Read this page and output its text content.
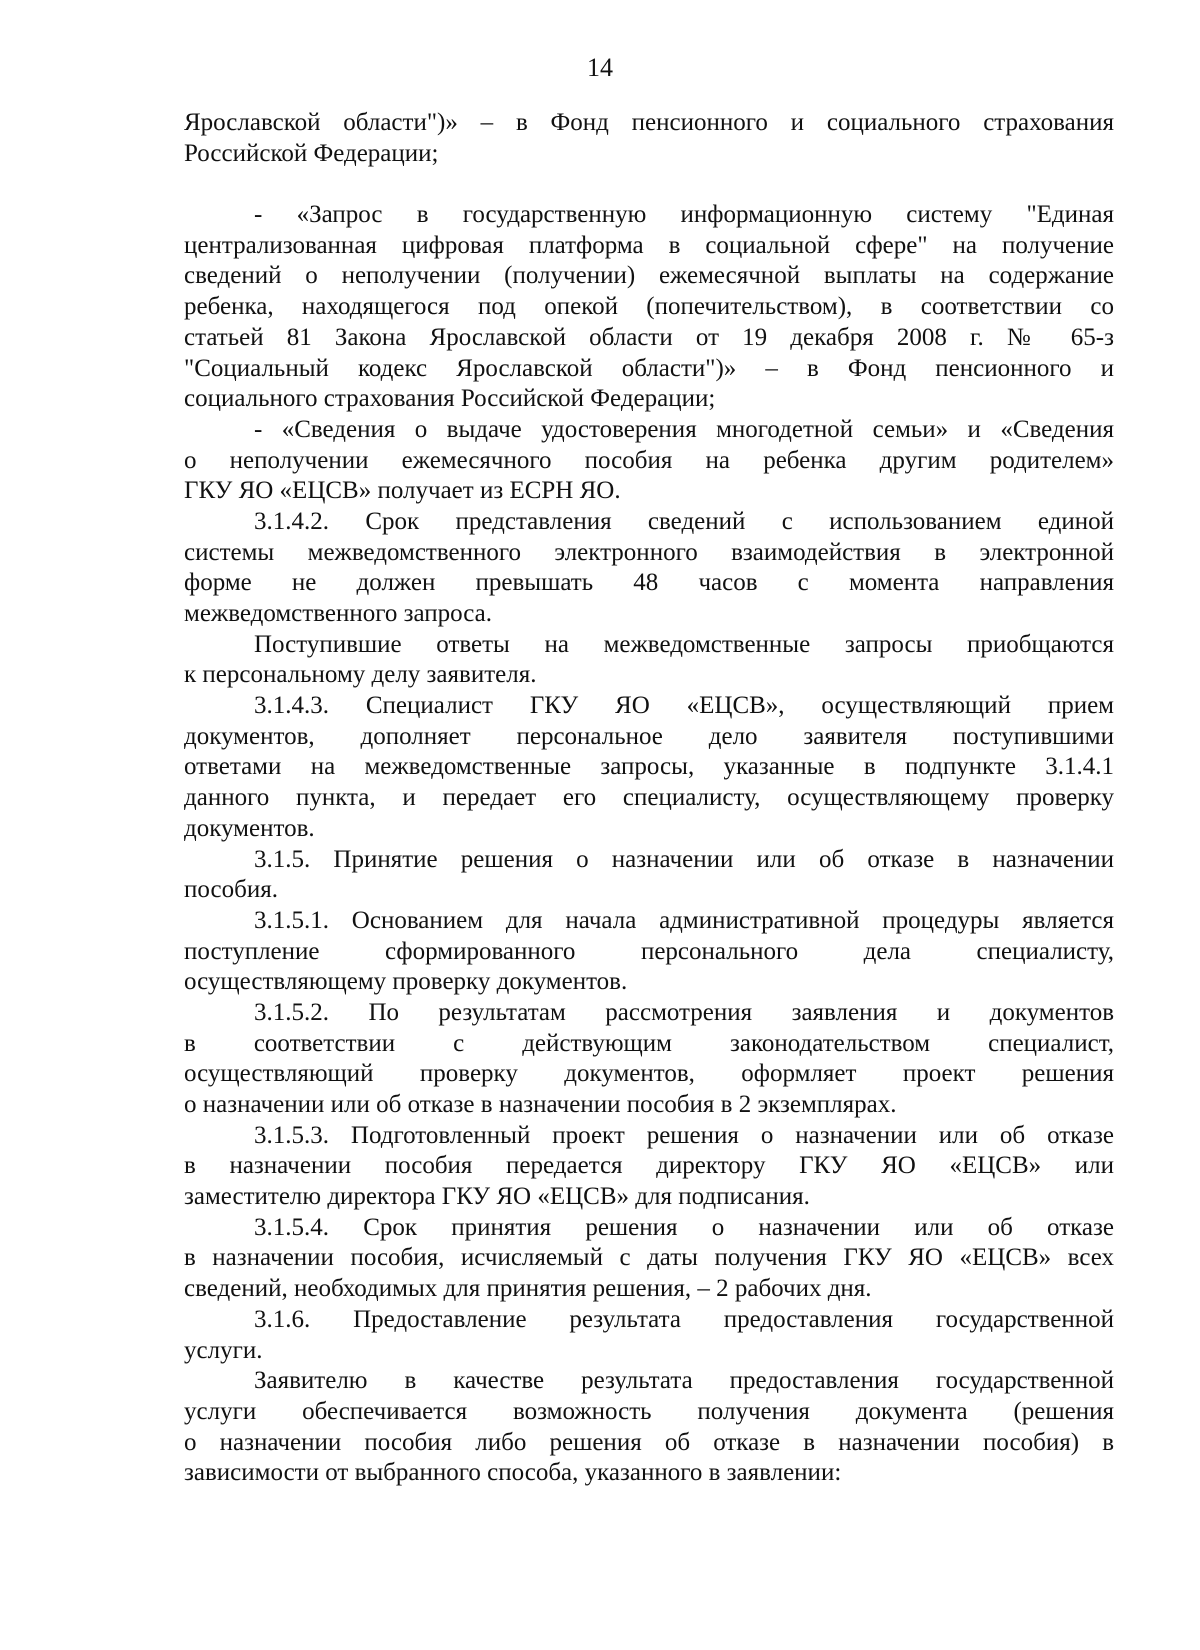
14
Ярославской области")» – в Фонд пенсионного и социального страхования
Российской Федерации;
- «Запрос в государственную информационную систему "Единая
централизованная цифровая платформа в социальной сфере" на получение
сведений о неполучении (получении) ежемесячной выплаты на содержание
ребенка, находящегося под опекой (попечительством), в соответствии со
статьей 81 Закона Ярославской области от 19 декабря 2008 г. № 65-з
"Социальный кодекс Ярославской области")» – в Фонд пенсионного и
социального страхования Российской Федерации;
- «Сведения о выдаче удостоверения многодетной семьи» и «Сведения
о неполучении ежемесячного пособия на ребенка другим родителем»
ГКУ ЯО «ЕЦСВ» получает из ЕСРН ЯО.
3.1.4.2. Срок представления сведений с использованием единой
системы межведомственного электронного взаимодействия в электронной
форме не должен превышать 48 часов с момента направления
межведомственного запроса.
Поступившие ответы на межведомственные запросы приобщаются
к персональному делу заявителя.
3.1.4.3. Специалист ГКУ ЯО «ЕЦСВ», осуществляющий прием
документов, дополняет персональное дело заявителя поступившими
ответами на межведомственные запросы, указанные в подпункте 3.1.4.1
данного пункта, и передает его специалисту, осуществляющему проверку
документов.
3.1.5. Принятие решения о назначении или об отказе в назначении
пособия.
3.1.5.1. Основанием для начала административной процедуры является
поступление сформированного персонального дела специалисту,
осуществляющему проверку документов.
3.1.5.2. По результатам рассмотрения заявления и документов
в соответствии с действующим законодательством специалист,
осуществляющий проверку документов, оформляет проект решения
о назначении или об отказе в назначении пособия в 2 экземплярах.
3.1.5.3. Подготовленный проект решения о назначении или об отказе
в назначении пособия передается директору ГКУ ЯО «ЕЦСВ» или
заместителю директора ГКУ ЯО «ЕЦСВ» для подписания.
3.1.5.4. Срок принятия решения о назначении или об отказе
в назначении пособия, исчисляемый с даты получения ГКУ ЯО «ЕЦСВ» всех
сведений, необходимых для принятия решения, – 2 рабочих дня.
3.1.6. Предоставление результата предоставления государственной
услуги.
Заявителю в качестве результата предоставления государственной
услуги обеспечивается возможность получения документа (решения
о назначении пособия либо решения об отказе в назначении пособия) в
зависимости от выбранного способа, указанного в заявлении:
